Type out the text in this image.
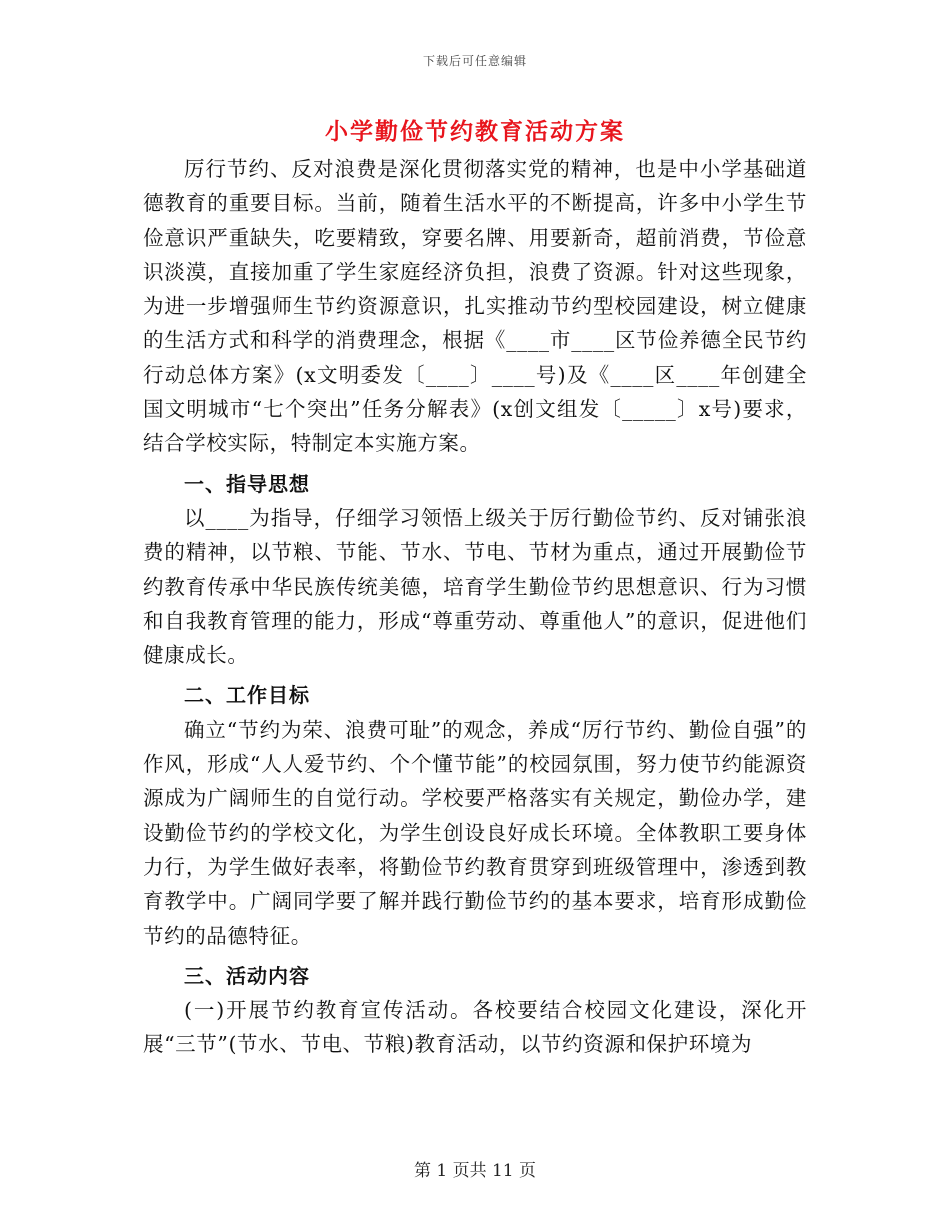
下载后可任意编辑
小学勤俭节约教育活动方案

厉行节约、反对浪费是深化贯彻落实党的精神，也是中小学基础道德教育的重要目标。当前，随着生活水平的不断提高，许多中小学生节俭意识严重缺失，吃要精致，穿要名牌、用要新奇，超前消费，节俭意识淡漠，直接加重了学生家庭经济负担，浪费了资源。针对这些现象，为进一步增强师生节约资源意识，扎实推动节约型校园建设，树立健康的生活方式和科学的消费理念，根据《____市____区节俭养德全民节约行动总体方案》(x文明委发〔____〕____号)及《____区____年创建全国文明城市“七个突出”任务分解表》(x创文组发〔_____〕x号)要求，结合学校实际，特制定本实施方案。

一、指导思想

以____为指导，仔细学习领悟上级关于厉行勤俭节约、反对铺张浪费的精神，以节粮、节能、节水、节电、节材为重点，通过开展勤俭节约教育传承中华民族传统美德，培育学生勤俭节约思想意识、行为习惯和自我教育管理的能力，形成“尊重劳动、尊重他人”的意识，促进他们健康成长。

二、工作目标

确立“节约为荣、浪费可耻”的观念，养成“厉行节约、勤俭自强”的作风，形成“人人爱节约、个个懂节能”的校园氛围，努力使节约能源资源成为广阔师生的自觉行动。学校要严格落实有关规定，勤俭办学，建设勤俭节约的学校文化，为学生创设良好成长环境。全体教职工要身体力行，为学生做好表率，将勤俭节约教育贯穿到班级管理中，渗透到教育教学中。广阔同学要了解并践行勤俭节约的基本要求，培育形成勤俭节约的品德特征。

三、活动内容

(一)开展节约教育宣传活动。各校要结合校园文化建设，深化开展“三节”(节水、节电、节粮)教育活动，以节约资源和保护环境为

第 1 页共 11 页
